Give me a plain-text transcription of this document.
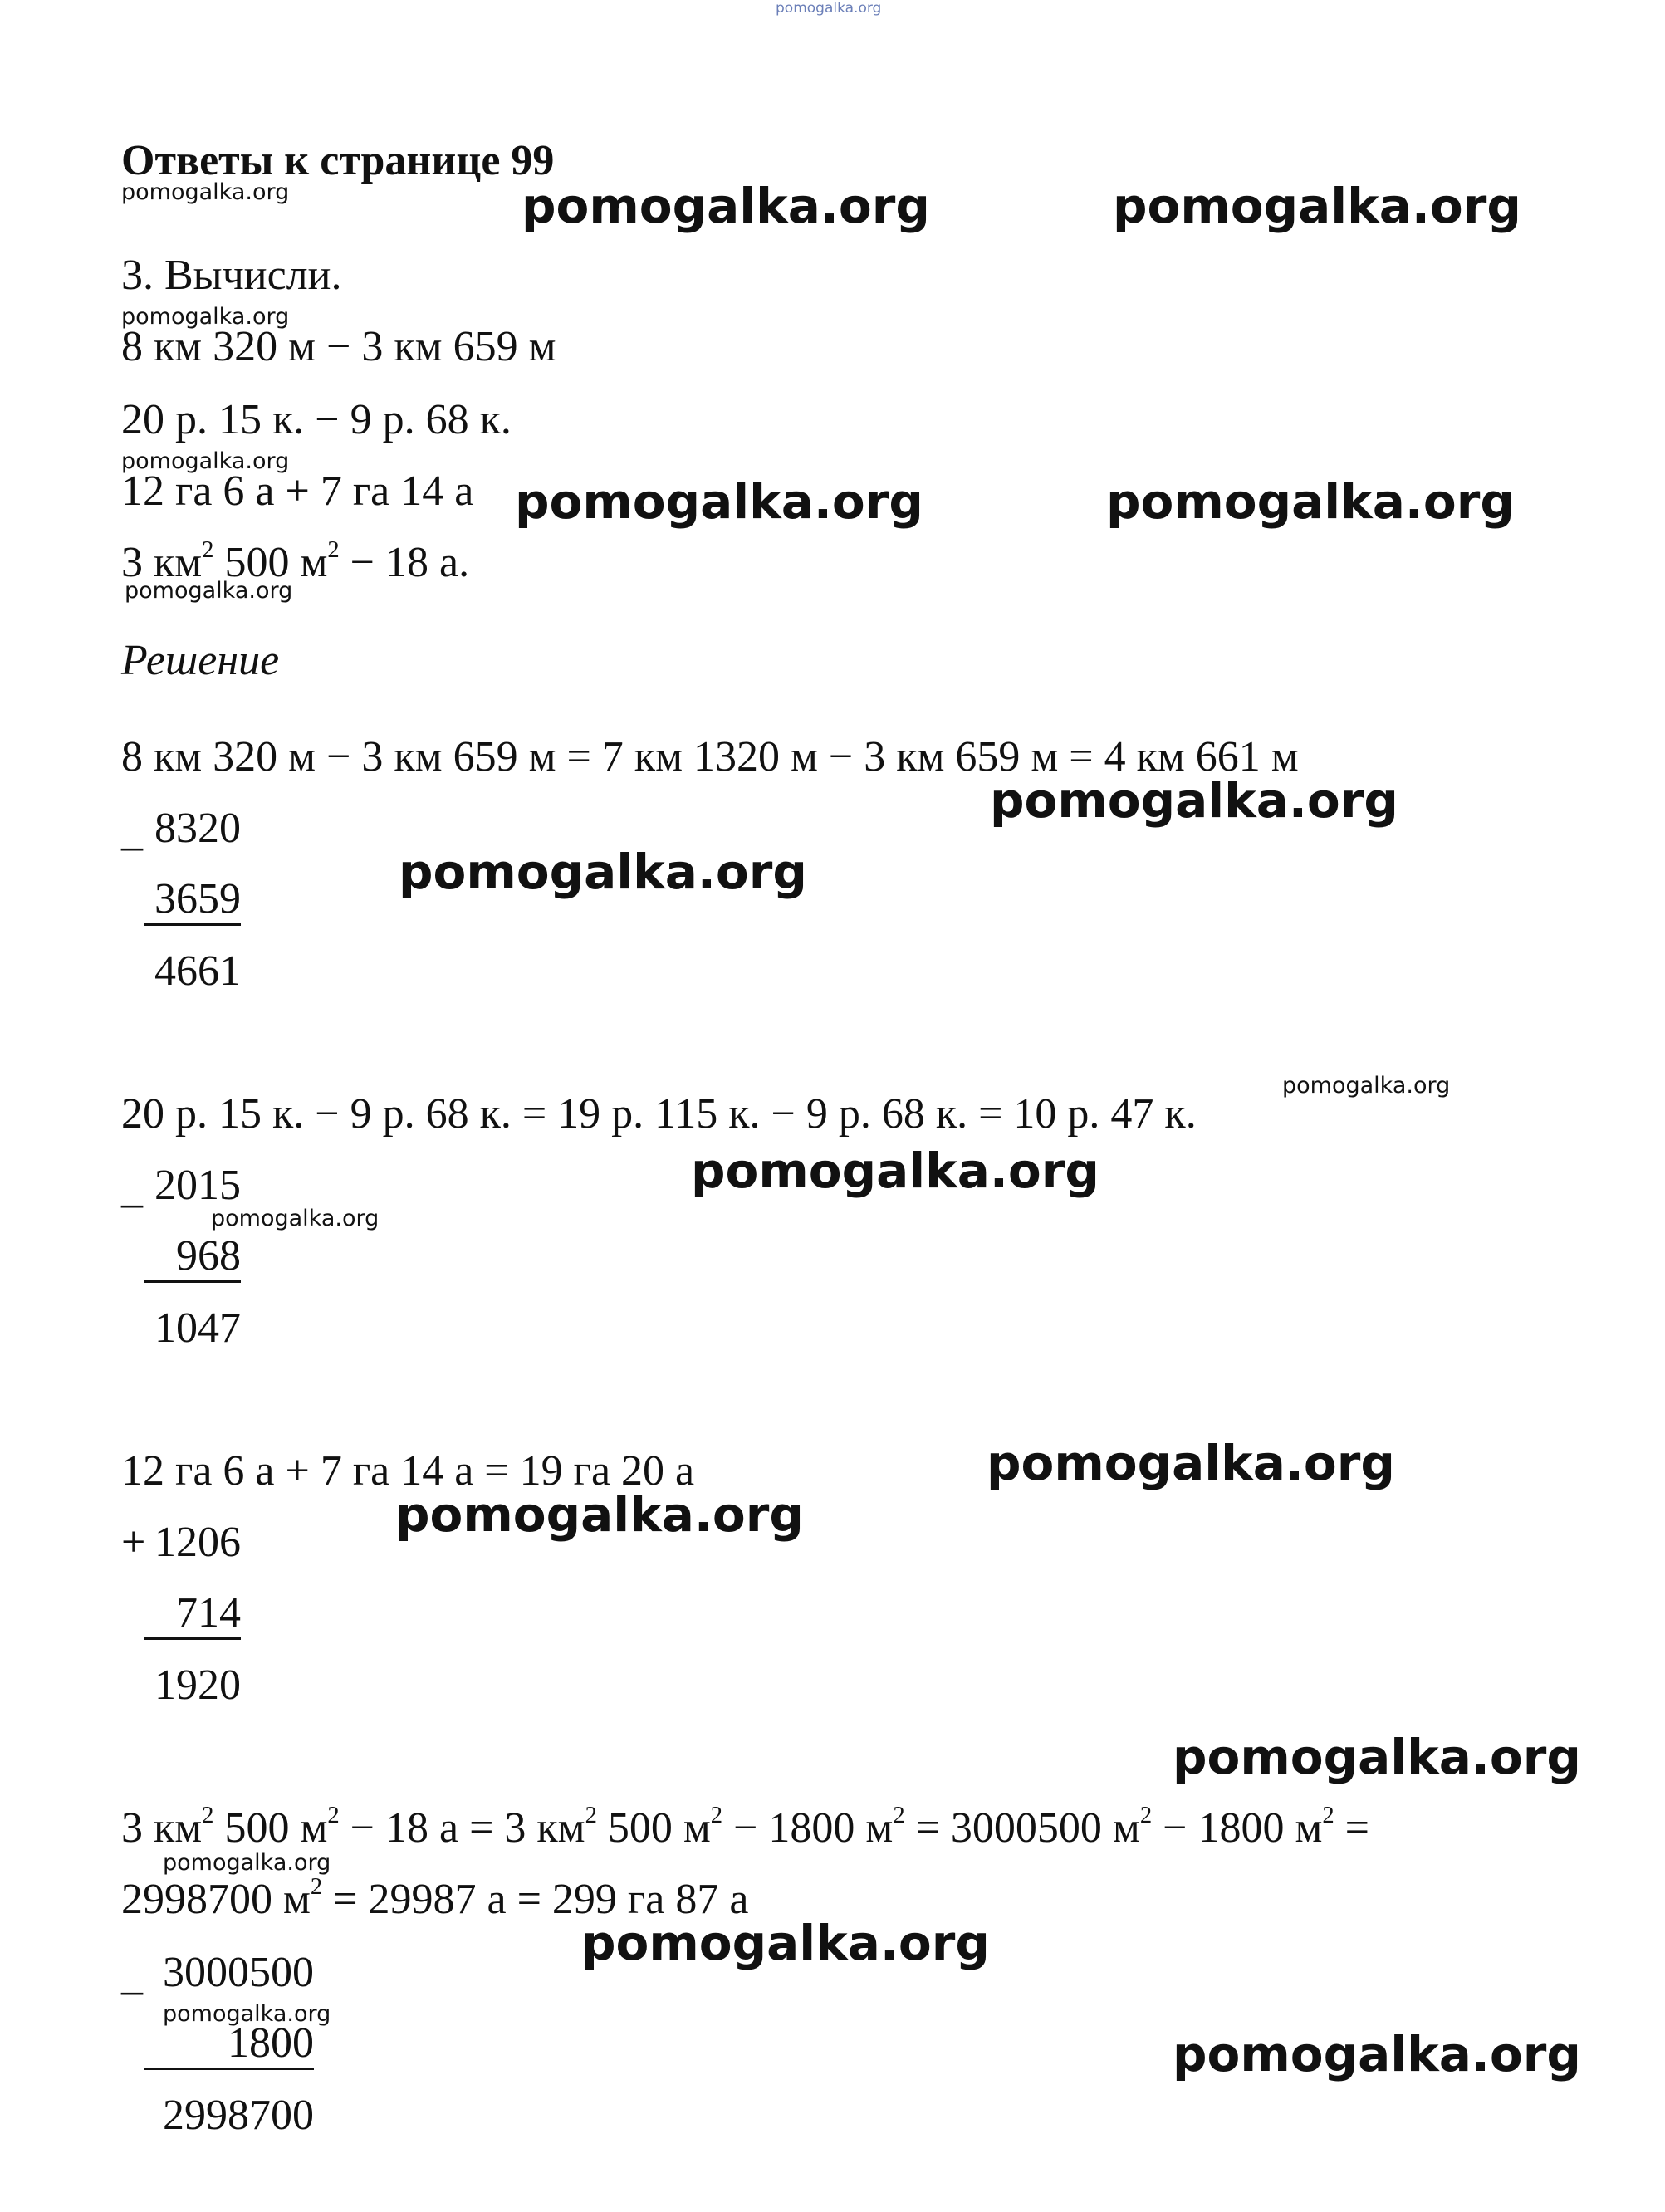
pomogalka.org
Ответы к странице 99
pomogalka.org	pomogalka.org	pomogalka.org
3. Вычисли.
pomogalka.org
8 км 320 м − 3 км 659 м
20 р. 15 к. − 9 р. 68 к.
pomogalka.org
12 га 6 а + 7 га 14 а pomogalka.org	pomogalka.org
3 $км^2$ 500 $м^2 - 18$ а.
pomogalka.org
Решение
8 км 320 м − 3 км 659 м = 7 км 1320 м − 3 км 659 м = 4 км 661 м
pomogalka.org
_ 8320
pomogalka.org
3659
4661
pomogalka.org
20 р. 15 к. − 9 р. 68 к. = 19 р. 115 к. − 9 р. 68 к. = 10 р. 47 к.
pomogalka.org
_ 2015
pomogalka.org
968
1047
pomogalka.org
12 га 6 а + 7 га 14 а = 19 га 20 а
pomogalka.org
+ 1206
714
1920
pomogalka.org
3 $км^2$ 500 $м^2 - 18$ а = 3 $км^2$ 500 $м^2 - 1800$ $м^2 = 3000500$ $м^2 - 1800$ $м^2$ =
pomogalka.org
2998700 $м^2 = 29987$ а = 299 га 87 а
pomogalka.org
_ 3000500
pomogalka.org
1800	pomogalka.org
2998700
